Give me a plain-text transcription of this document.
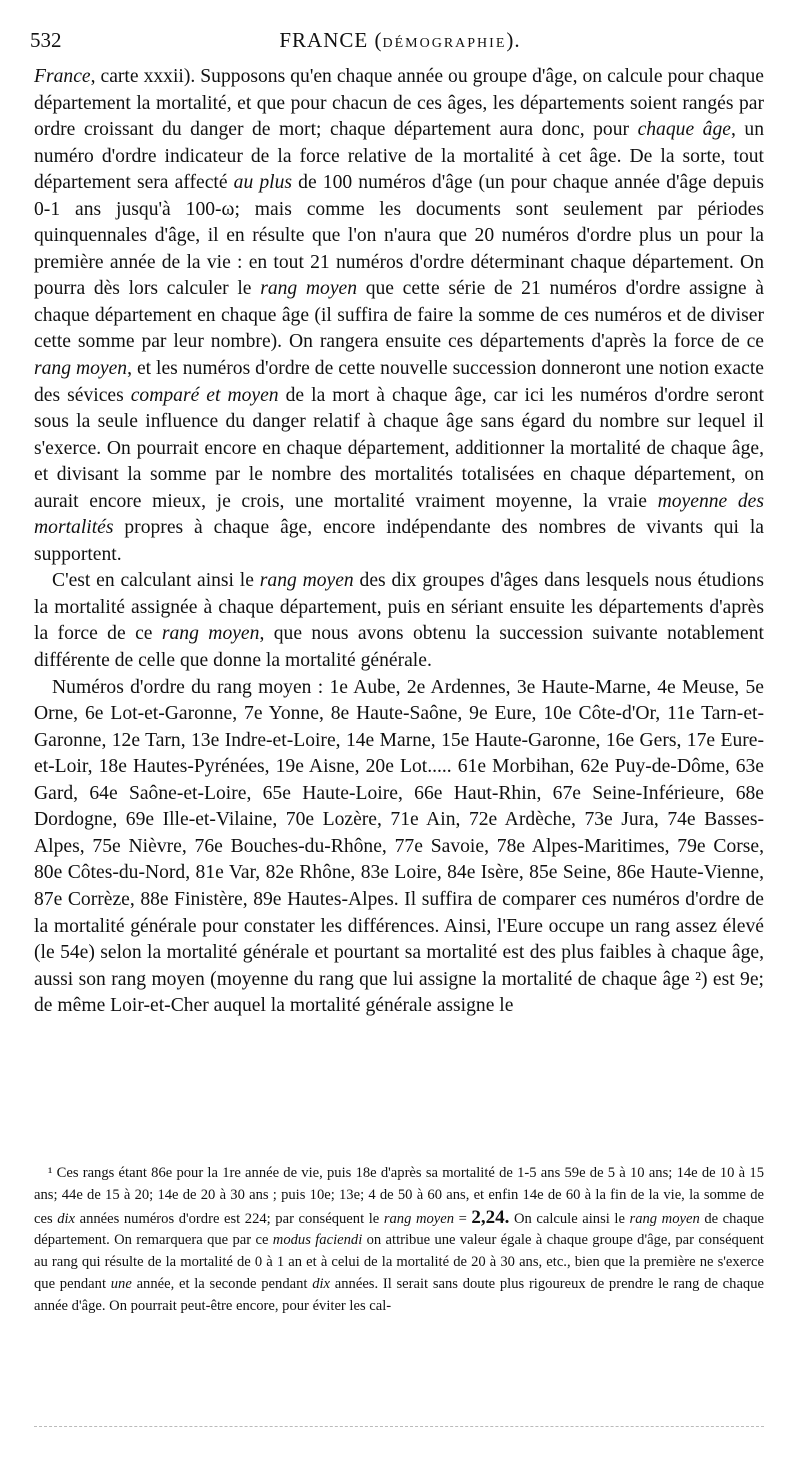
532	FRANCE (DÉMOGRAPHIE).

France, carte xxxii). Supposons qu'en chaque année ou groupe d'âge, on calcule pour chaque département la mortalité, et que pour chacun de ces âges, les départements soient rangés par ordre croissant du danger de mort; chaque département aura donc, pour chaque âge, un numéro d'ordre indicateur de la force relative de la mortalité à cet âge. De la sorte, tout département sera affecté au plus de 100 numéros d'âge (un pour chaque année d'âge depuis 0-1 ans jusqu'à 100-ω; mais comme les documents sont seulement par périodes quinquennales d'âge, il en résulte que l'on n'aura que 20 numéros d'ordre plus un pour la première année de la vie : en tout 21 numéros d'ordre déterminant chaque département. On pourra dès lors calculer le rang moyen que cette série de 21 numéros d'ordre assigne à chaque département en chaque âge (il suffira de faire la somme de ces numéros et de diviser cette somme par leur nombre). On rangera ensuite ces départements d'après la force de ce rang moyen, et les numéros d'ordre de cette nouvelle succession donneront une notion exacte des sévices comparé et moyen de la mort à chaque âge, car ici les numéros d'ordre seront sous la seule influence du danger relatif à chaque âge sans égard du nombre sur lequel il s'exerce. On pourrait encore en chaque département, additionner la mortalité de chaque âge, et divisant la somme par le nombre des mortalités totalisées en chaque département, on aurait encore mieux, je crois, une mortalité vraiment moyenne, la vraie moyenne des mortalités propres à chaque âge, encore indépendante des nombres de vivants qui la supportent.

C'est en calculant ainsi le rang moyen des dix groupes d'âges dans lesquels nous étudions la mortalité assignée à chaque département, puis en sériant ensuite les départements d'après la force de ce rang moyen, que nous avons obtenu la succession suivante notablement différente de celle que donne la mortalité générale.

Numéros d'ordre du rang moyen : 1e Aube, 2e Ardennes, 3e Haute-Marne, 4e Meuse, 5e Orne, 6e Lot-et-Garonne, 7e Yonne, 8e Haute-Saône, 9e Eure, 10e Côte-d'Or, 11e Tarn-et-Garonne, 12e Tarn, 13e Indre-et-Loire, 14e Marne, 15e Haute-Garonne, 16e Gers, 17e Eure-et-Loir, 18e Hautes-Pyrénées, 19e Aisne, 20e Lot..... 61e Morbihan, 62e Puy-de-Dôme, 63e Gard, 64e Saône-et-Loire, 65e Haute-Loire, 66e Haut-Rhin, 67e Seine-Inférieure, 68e Dordogne, 69e Ille-et-Vilaine, 70e Lozère, 71e Ain, 72e Ardèche, 73e Jura, 74e Basses-Alpes, 75e Nièvre, 76e Bouches-du-Rhône, 77e Savoie, 78e Alpes-Maritimes, 79e Corse, 80e Côtes-du-Nord, 81e Var, 82e Rhône, 83e Loire, 84e Isère, 85e Seine, 86e Haute-Vienne, 87e Corrèze, 88e Finistère, 89e Hautes-Alpes. Il suffira de comparer ces numéros d'ordre de la mortalité générale pour constater les différences. Ainsi, l'Eure occupe un rang assez élevé (le 54e) selon la mortalité générale et pourtant sa mortalité est des plus faibles à chaque âge, aussi son rang moyen (moyenne du rang que lui assigne la mortalité de chaque âge ²) est 9e; de même Loir-et-Cher auquel la mortalité générale assigne le

¹ Ces rangs étant 86e pour la 1re année de vie, puis 18e d'après sa mortalité de 1-5 ans 59e de 5 à 10 ans; 14e de 10 à 15 ans; 44e de 15 à 20; 14e de 20 à 30 ans ; puis 10e; 13e; 4 de 50 à 60 ans, et enfin 14e de 60 à la fin de la vie, la somme de ces dix années numéros d'ordre est 224; par conséquent le rang moyen = 2,24. On calcule ainsi le rang moyen de chaque département. On remarquera que par ce modus faciendi on attribue une valeur égale à chaque groupe d'âge, par conséquent au rang qui résulte de la mortalité de 0 à 1 an et à celui de la mortalité de 20 à 30 ans, etc., bien que la première ne s'exerce que pendant une année, et la seconde pendant dix années. Il serait sans doute plus rigoureux de prendre le rang de chaque année d'âge. On pourrait peut-être encore, pour éviter les cal-
